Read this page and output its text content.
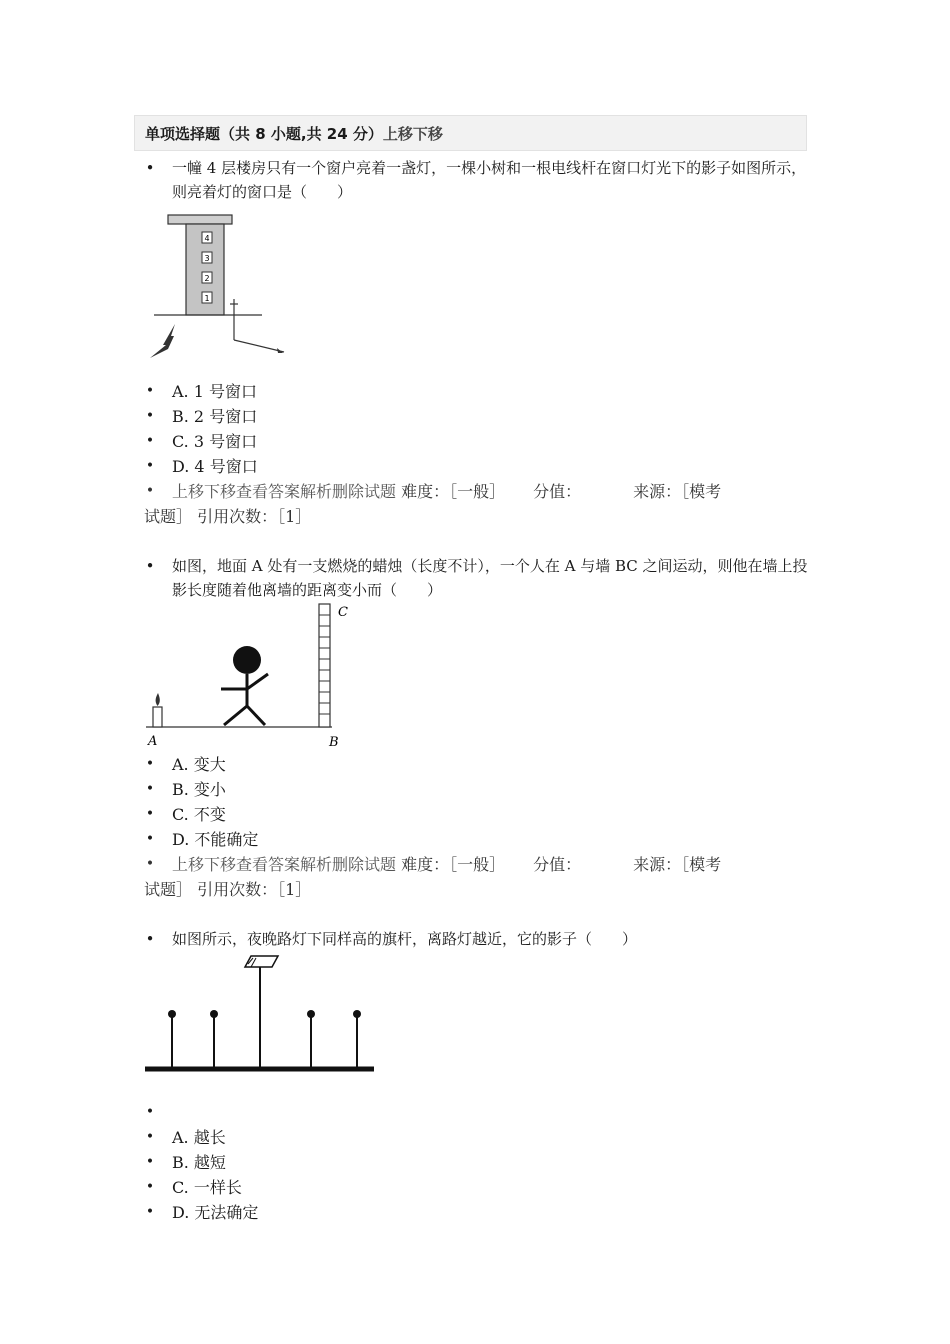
单项选择题（共 8 小题,共 24 分）上移下移
• 一幢 4 层楼房只有一个窗户亮着一盏灯，一棵小树和一根电线杆在窗口灯光下的影子如图所示，则亮着灯的窗口是（　　）
4
3
2
1
• A. 1 号窗口
• B. 2 号窗口
• C. 3 号窗口
• D. 4 号窗口
• 上移下移查看答案解析删除试题 难度：［一般］ 分值：	来源：［模考
试题］ 引用次数：［1］
• 如图，地面 A 处有一支燃烧的蜡烛（长度不计），一个人在 A 与墙 BC 之间运动，则他在墙上投影长度随着他离墙的距离变小而（　　）
A	B
C
• A. 变大
• B. 变小
• C. 不变
• D. 不能确定
• 上移下移查看答案解析删除试题 难度：［一般］ 分值：	来源：［模考
试题］ 引用次数：［1］
• 如图所示，夜晚路灯下同样高的旗杆，离路灯越近，它的影子（　　）
•
• A. 越长
• B. 越短
• C. 一样长
• D. 无法确定
